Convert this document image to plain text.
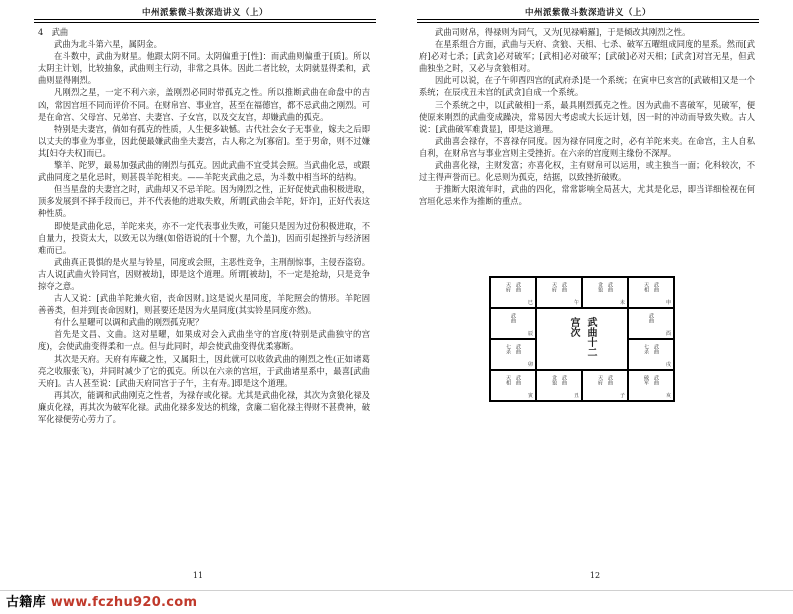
中州派紫微斗数深造讲义（上）

4　武曲

武曲为北斗第六星，属阴金。

在斗数中，武曲为财星。他跟太阴不同。太阴偏重于[性]：而武曲则偏重于[质]。所以太阴主计划，比较抽象，武曲则主行动，非常之具体。因此二者比较，太阴就显得柔和，武曲则显得刚烈。

凡刚烈之星，一定不利六亲，盖刚烈必同时带孤克之性。所以推断武曲在命盘中的吉凶，常因宫垣不同而评价不同。在财帛宫、事业宫，甚至在福德宫，都不忌武曲之刚烈。可是在命宫、父母宫、兄弟宫、夫妻宫、子女宫，以及交友宫，却嫌武曲的孤克。

特别是夫妻宫，倘如有孤克的性质，人生便多缺憾。古代社会女子无事业，嫁夫之后即以丈夫的事业为事业，因此便最嫌武曲坐夫妻宫，古人称之为[寡宿]。至于男命，则不过嫌其[妇夺夫权]而已。

擎羊、陀罗，最易加强武曲的刚烈与孤克。因此武曲不宜受其会照。当武曲化忌，或跟武曲同度之星化忌时，则甚畏羊陀相夹。——羊陀夹武曲之忌，为斗数中相当坏的结构。

但当星盘的夫妻宫之时，武曲却又不忌羊陀。因为刚烈之性，正好促使武曲积极进取，顶多发展到不择手段而已，并不代表他的进取失败，所谓[武曲会羊陀，奸诈]，正好代表这种性质。

即使是武曲化忌，羊陀来夹，亦不一定代表事业失败，可能只是因为过份积极进取，不自量力，投资太大，以致无以为继(如俗语说的[十个罂，九个盖])，因而引起挫折与经济困难而已。

武曲真正畏惧的是火星与铃星，同度或会照，主恶性竞争，主刑削惊事，主侵吞盗窃。古人说[武曲火铃同宫，因财被劫]，即是这个道理。所谓[被劫]，不一定是抢劫，只是竞争掠夺之意。

古人又说：[武曲羊陀兼火宿，丧命因财。]这是说火星同度，羊陀照会的情形。羊陀固善善类，但并到[丧命因财]，则甚要还是因为火星同度(其实铃星同度亦然)。

有什么星曜可以调和武曲的刚烈孤克呢？

首先是文昌、文曲。这对星曜，如果成对会入武曲坐守的宫度(特别是武曲独守的宫度)，会使武曲变得柔和一点。但与此同时，却会使武曲变得优柔寡断。

其次是天府。天府有库藏之性，又属阳土，因此就可以收敛武曲的刚烈之性(正如诸葛亮之收服张飞)，并同时减少了它的孤克。所以在六亲的宫垣，于武曲诸星系中，最喜[武曲天府]。古人甚至说：[武曲天府同宫于子午，主有寿。]即是这个道理。

再其次，能调和武曲刚克之性者，为禄存或化禄。尤其是武曲化禄，其次为贪狼化禄及廉贞化禄，再其次为破军化禄。武曲化禄多发达的机缘，贪廉二宿化禄主得财不甚费神，破军化禄便劳心劳力了。

11
中州派紫微斗数深造讲义（上）

武曲司财帛，得禄则为同气，又为[见禄嗬羅]，于是倾改其刚烈之性。

在星系组合方面，武曲与天府、贪狼、天相、七杀、破军五曜组成同度的星系。然而[武府]必对七杀；[武贪]必对破军；[武相]必对破军；[武破]必对天相；[武贪]对宫无星，但武曲独坐之时，又必与贪狼相对。

因此可以说，在子午卯酉四宫的[武府杀]是一个系统；在寅申巳亥宫的[武破相]又是一个系统；在辰戌丑未宫的[武贪]自成一个系统。

三个系统之中，以[武破相]一系，最具刚烈孤克之性。因为武曲不喜破军，见破军，便使原来刚烈的武曲变成躁决，常易因大考虑或大长远计划，因一时的冲动而导致失败。古人说：[武曲破军难貴显]，即是这道理。

武曲喜会禄存，不喜禄存同度。因为禄存同度之时，必有羊陀来夹。在命宫，主人自私自利，在财帛宫与事业宫则主受挫折。在六亲的宫度则主缘份不深厚。

武曲喜化禄，主财发富；亦喜化权，主有财帛可以运用，或主独当一面；化科较次，不过主得声誉而已。化忌则为孤克，结据，以致挫折破败。

于推断大限流年时，武曲的四化，常常影响全局甚大，尤其是化忌，即当详细检视在何宫垣化忌来作为推断的重点。

宫次 武曲十二
天府 武曲
巳
天府 武曲
午
贪狼 武曲
未
天相 武曲
申
武曲
辰
武曲
酉
七杀 武曲
卯
七杀 武曲
戌
天相 武曲
寅
贪狼 武曲
丑
天府 武曲
子
破军 武曲
亥
12
古籍库 www.fczhu920.com
